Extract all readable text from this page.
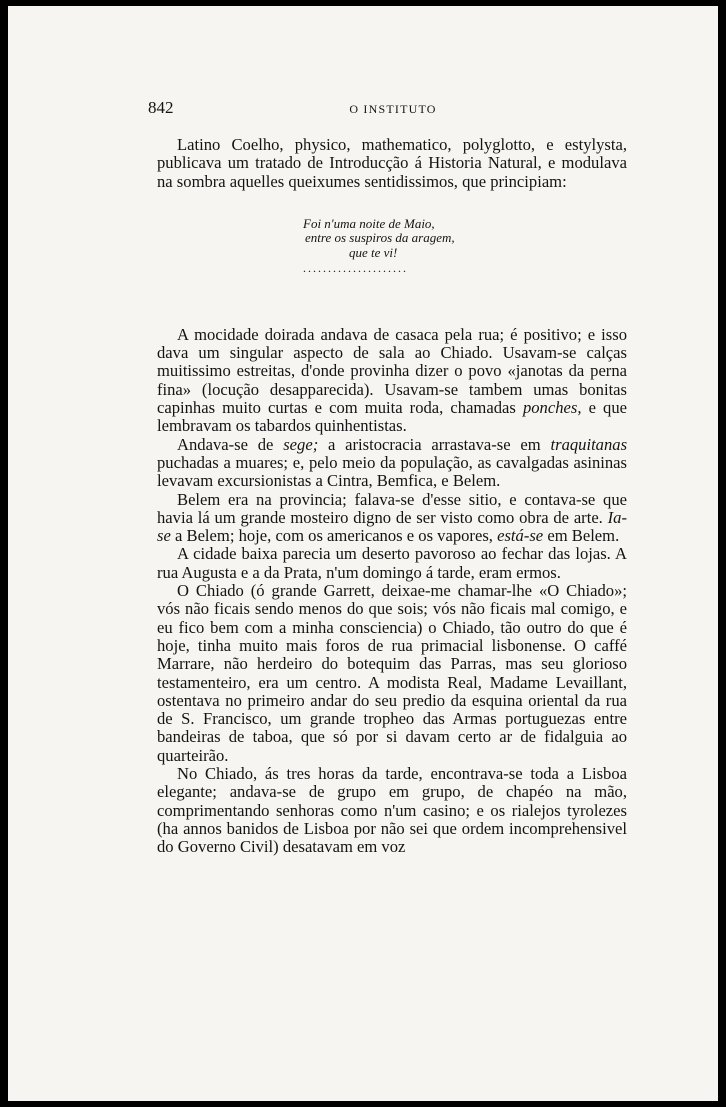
842	O INSTITUTO

Latino Coelho, physico, mathematico, polyglotto, e estylysta, publicava um tratado de Introducção á Historia Natural, e modulava na sombra aquelles queixumes sentidissimos, que principiam:

Foi n'uma noite de Maio,
entre os suspiros da aragem,
que te vi!
.....................

A mocidade doirada andava de casaca pela rua; é positivo; e isso dava um singular aspecto de sala ao Chiado. Usavam-se calças muitissimo estreitas, d'onde provinha dizer o povo «janotas da perna fina» (locução desapparecida). Usavam-se tambem umas bonitas capinhas muito curtas e com muita roda, chamadas ponches, e que lembravam os tabardos quinhentistas.

Andava-se de sege; a aristocracia arrastava-se em traquitanas puchadas a muares; e, pelo meio da população, as cavalgadas asininas levavam excursionistas a Cintra, Bemfica, e Belem.

Belem era na provincia; falava-se d'esse sitio, e contava-se que havia lá um grande mosteiro digno de ser visto como obra de arte. Ia-se a Belem; hoje, com os americanos e os vapores, está-se em Belem.

A cidade baixa parecia um deserto pavoroso ao fechar das lojas. A rua Augusta e a da Prata, n'um domingo á tarde, eram ermos.

O Chiado (ó grande Garrett, deixae-me chamar-lhe «O Chiado»; vós não ficais sendo menos do que sois; vós não ficais mal comigo, e eu fico bem com a minha consciencia) o Chiado, tão outro do que é hoje, tinha muito mais foros de rua primacial lisbonense. O caffé Marrare, não herdeiro do botequim das Parras, mas seu glorioso testamenteiro, era um centro. A modista Real, Madame Levaillant, ostentava no primeiro andar do seu predio da esquina oriental da rua de S. Francisco, um grande tropheo das Armas portuguezas entre bandeiras de taboa, que só por si davam certo ar de fidalguia ao quarteirão.

No Chiado, ás tres horas da tarde, encontrava-se toda a Lisboa elegante; andava-se de grupo em grupo, de chapéo na mão, comprimentando senhoras como n'um casino; e os rialejos tyrolezes (ha annos banidos de Lisboa por não sei que ordem incomprehensivel do Governo Civil) desatavam em voz
